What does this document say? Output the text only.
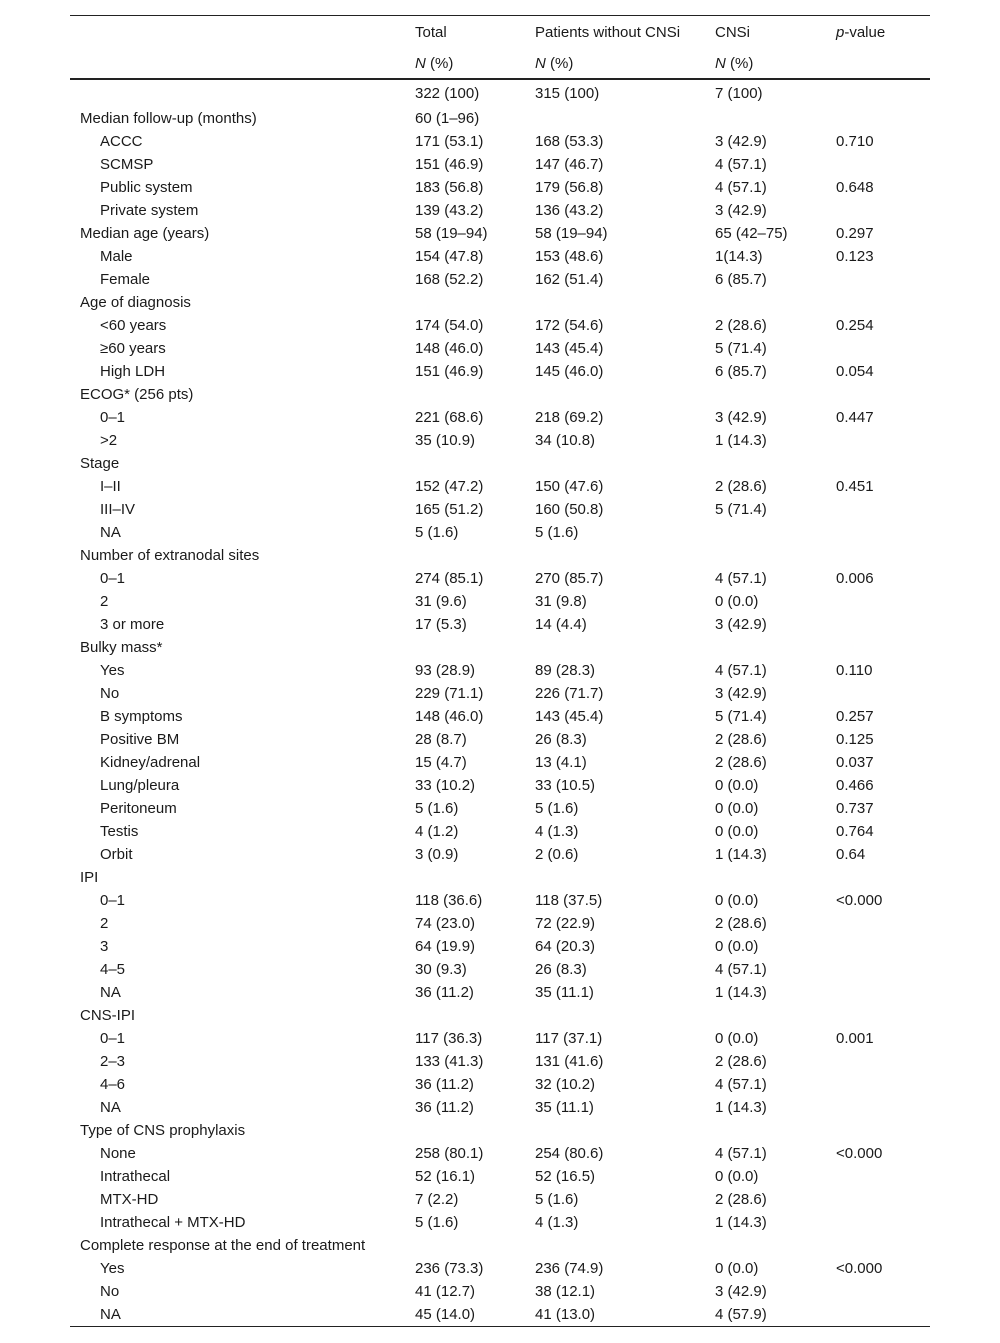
	Total	Patients without CNSi	CNSi	p-value
	N (%)	N (%)	N (%)	
	322 (100)	315 (100)	7 (100)	
Median follow-up (months)	60 (1–96)			
ACCC	171 (53.1)	168 (53.3)	3 (42.9)	0.710
SCMSP	151 (46.9)	147 (46.7)	4 (57.1)	
Public system	183 (56.8)	179 (56.8)	4 (57.1)	0.648
Private system	139 (43.2)	136 (43.2)	3 (42.9)	
Median age (years)	58 (19–94)	58 (19–94)	65 (42–75)	0.297
Male	154 (47.8)	153 (48.6)	1(14.3)	0.123
Female	168 (52.2)	162 (51.4)	6 (85.7)	
Age of diagnosis				
<60 years	174 (54.0)	172 (54.6)	2 (28.6)	0.254
≥60 years	148 (46.0)	143 (45.4)	5 (71.4)	
High LDH	151 (46.9)	145 (46.0)	6 (85.7)	0.054
ECOG* (256 pts)				
0–1	221 (68.6)	218 (69.2)	3 (42.9)	0.447
>2	35 (10.9)	34 (10.8)	1 (14.3)	
Stage				
I–II	152 (47.2)	150 (47.6)	2 (28.6)	0.451
III–IV	165 (51.2)	160 (50.8)	5 (71.4)	
NA	5 (1.6)	5 (1.6)		
Number of extranodal sites				
0–1	274 (85.1)	270 (85.7)	4 (57.1)	0.006
2	31 (9.6)	31 (9.8)	0 (0.0)	
3 or more	17 (5.3)	14 (4.4)	3 (42.9)	
Bulky mass*				
Yes	93 (28.9)	89 (28.3)	4 (57.1)	0.110
No	229 (71.1)	226 (71.7)	3 (42.9)	
B symptoms	148 (46.0)	143 (45.4)	5 (71.4)	0.257
Positive BM	28 (8.7)	26 (8.3)	2 (28.6)	0.125
Kidney/adrenal	15 (4.7)	13 (4.1)	2 (28.6)	0.037
Lung/pleura	33 (10.2)	33 (10.5)	0 (0.0)	0.466
Peritoneum	5 (1.6)	5 (1.6)	0 (0.0)	0.737
Testis	4 (1.2)	4 (1.3)	0 (0.0)	0.764
Orbit	3 (0.9)	2 (0.6)	1 (14.3)	0.64
IPI				
0–1	118 (36.6)	118 (37.5)	0 (0.0)	<0.000
2	74 (23.0)	72 (22.9)	2 (28.6)	
3	64 (19.9)	64 (20.3)	0 (0.0)	
4–5	30 (9.3)	26 (8.3)	4 (57.1)	
NA	36 (11.2)	35 (11.1)	1 (14.3)	
CNS-IPI				
0–1	117 (36.3)	117 (37.1)	0 (0.0)	0.001
2–3	133 (41.3)	131 (41.6)	2 (28.6)	
4–6	36 (11.2)	32 (10.2)	4 (57.1)	
NA	36 (11.2)	35 (11.1)	1 (14.3)	
Type of CNS prophylaxis				
None	258 (80.1)	254 (80.6)	4 (57.1)	<0.000
Intrathecal	52 (16.1)	52 (16.5)	0 (0.0)	
MTX-HD	7 (2.2)	5 (1.6)	2 (28.6)	
Intrathecal + MTX-HD	5 (1.6)	4 (1.3)	1 (14.3)	
Complete response at the end of treatment				
Yes	236 (73.3)	236 (74.9)	0 (0.0)	<0.000
No	41 (12.7)	38 (12.1)	3 (42.9)	
NA	45 (14.0)	41 (13.0)	4 (57.9)	
